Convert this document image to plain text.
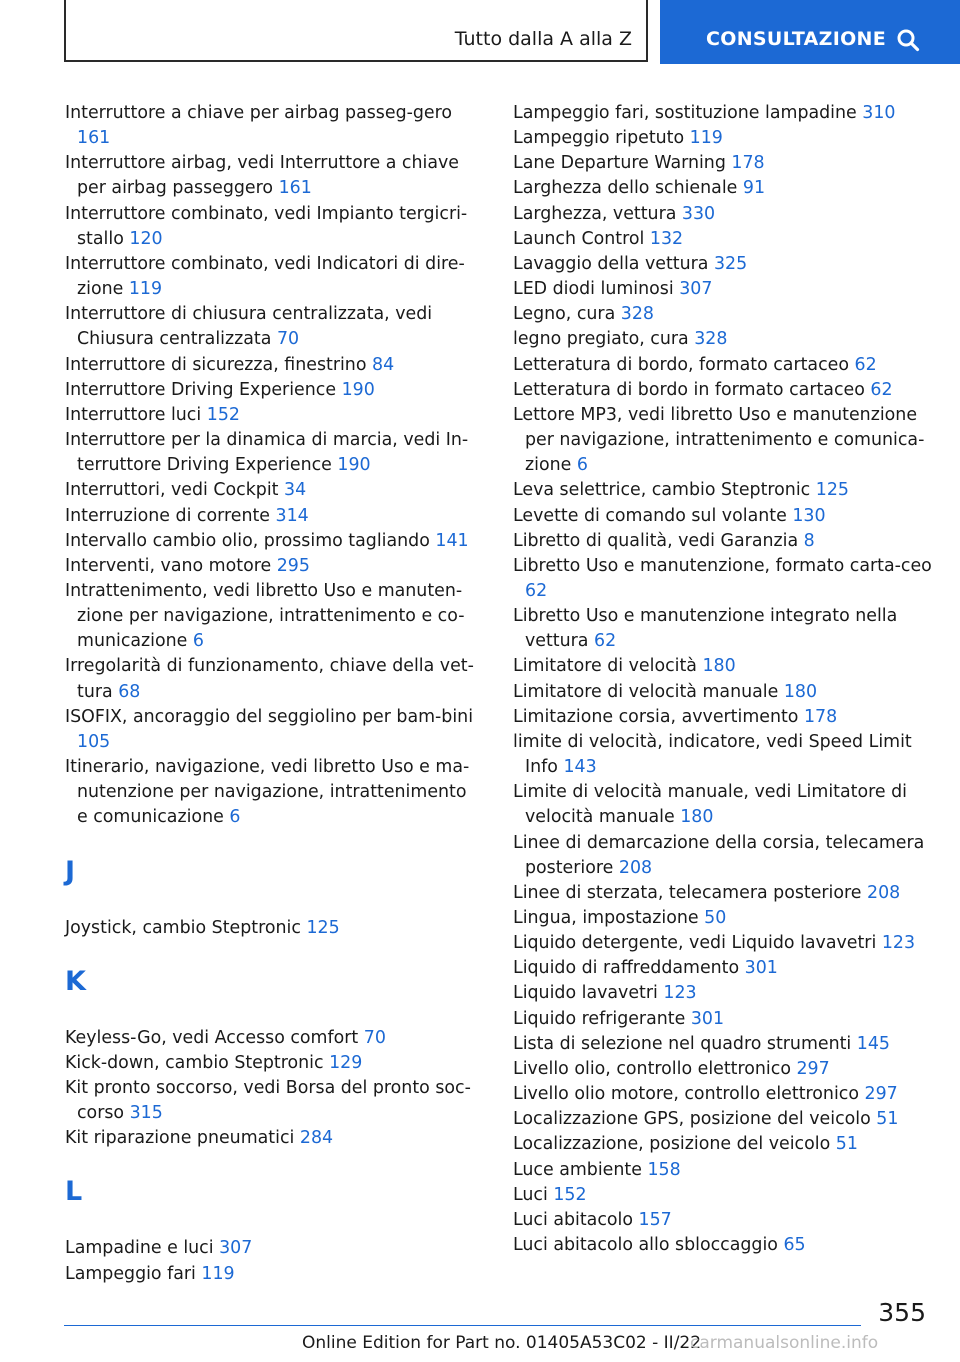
Tutto dalla A alla Z	CONSULTAZIONE
Interruttore a chiave per airbag passeg-gero 161
Interruttore airbag, vedi Interruttore a chiave per airbag passeggero 161
Interruttore combinato, vedi Impianto tergicri-stallo 120
Interruttore combinato, vedi Indicatori di dire-zione 119
Interruttore di chiusura centralizzata, vedi Chiusura centralizzata 70
Interruttore di sicurezza, finestrino 84
Interruttore Driving Experience 190
Interruttore luci 152
Interruttore per la dinamica di marcia, vedi In-terruttore Driving Experience 190
Interruttori, vedi Cockpit 34
Interruzione di corrente 314
Intervallo cambio olio, prossimo tagliando 141
Interventi, vano motore 295
Intrattenimento, vedi libretto Uso e manuten-zione per navigazione, intrattenimento e co-municazione 6
Irregolarità di funzionamento, chiave della vet-tura 68
ISOFIX, ancoraggio del seggiolino per bam-bini 105
Itinerario, navigazione, vedi libretto Uso e ma-nutenzione per navigazione, intrattenimento e comunicazione 6
J
Joystick, cambio Steptronic 125
K
Keyless-Go, vedi Accesso comfort 70
Kick-down, cambio Steptronic 129
Kit pronto soccorso, vedi Borsa del pronto soc-corso 315
Kit riparazione pneumatici 284
L
Lampadine e luci 307
Lampeggio fari 119
Lampeggio fari, sostituzione lampadine 310
Lampeggio ripetuto 119
Lane Departure Warning 178
Larghezza dello schienale 91
Larghezza, vettura 330
Launch Control 132
Lavaggio della vettura 325
LED diodi luminosi 307
Legno, cura 328
legno pregiato, cura 328
Letteratura di bordo, formato cartaceo 62
Letteratura di bordo in formato cartaceo 62
Lettore MP3, vedi libretto Uso e manutenzione per navigazione, intrattenimento e comunica-zione 6
Leva selettrice, cambio Steptronic 125
Levette di comando sul volante 130
Libretto di qualità, vedi Garanzia 8
Libretto Uso e manutenzione, formato carta-ceo 62
Libretto Uso e manutenzione integrato nella vettura 62
Limitatore di velocità 180
Limitatore di velocità manuale 180
Limitazione corsia, avvertimento 178
limite di velocità, indicatore, vedi Speed Limit Info 143
Limite di velocità manuale, vedi Limitatore di velocità manuale 180
Linee di demarcazione della corsia, telecamera posteriore 208
Linee di sterzata, telecamera posteriore 208
Lingua, impostazione 50
Liquido detergente, vedi Liquido lavavetri 123
Liquido di raffreddamento 301
Liquido lavavetri 123
Liquido refrigerante 301
Lista di selezione nel quadro strumenti 145
Livello olio, controllo elettronico 297
Livello olio motore, controllo elettronico 297
Localizzazione GPS, posizione del veicolo 51
Localizzazione, posizione del veicolo 51
Luce ambiente 158
Luci 152
Luci abitacolo 157
Luci abitacolo allo sbloccaggio 65
355
Online Edition for Part no. 01405A53C02 - II/22
carmanualsonline.info
